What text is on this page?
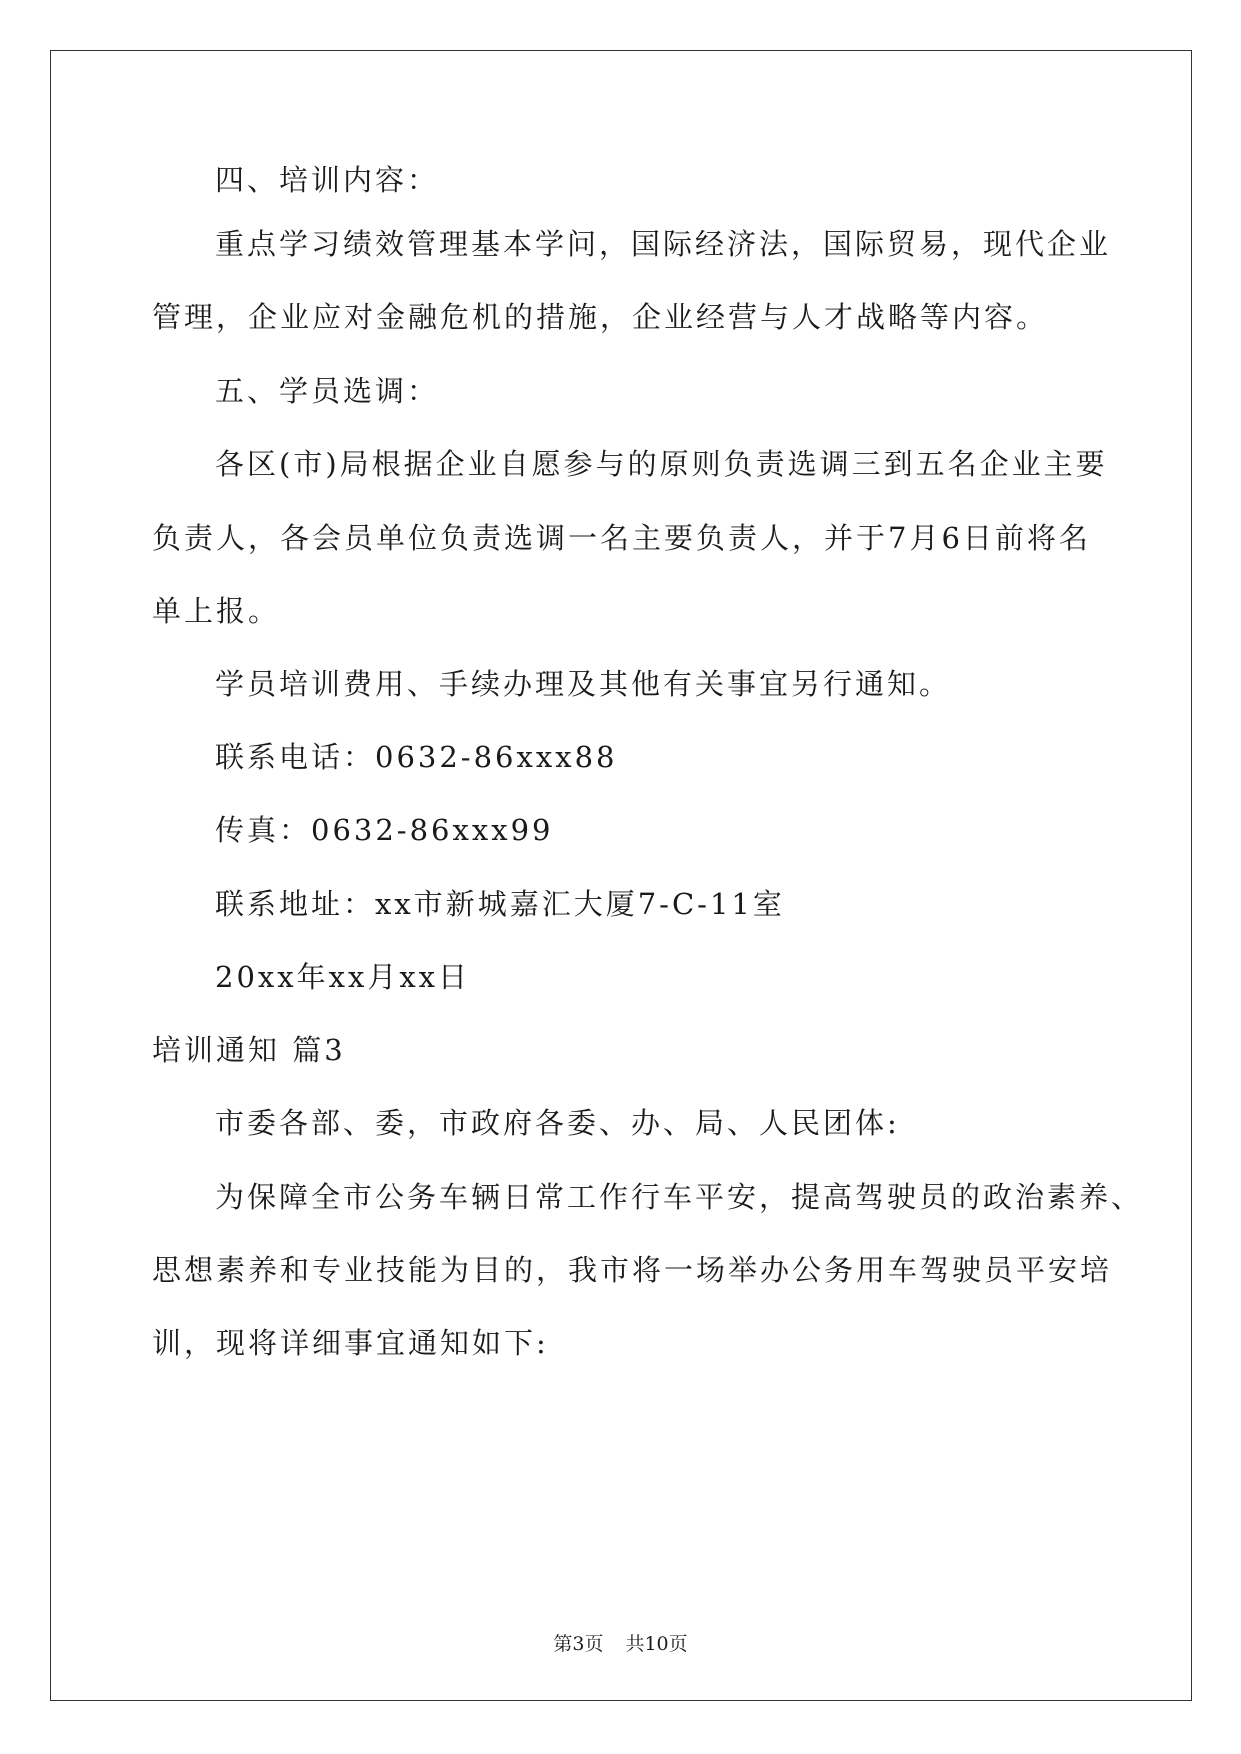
四、培训内容：
重点学习绩效管理基本学问，国际经济法，国际贸易，现代企业
管理，企业应对金融危机的措施，企业经营与人才战略等内容。
五、学员选调：
各区(市)局根据企业自愿参与的原则负责选调三到五名企业主要
负责人，各会员单位负责选调一名主要负责人，并于7月6日前将名
单上报。
学员培训费用、手续办理及其他有关事宜另行通知。
联系电话：0632-86xxx88
传真：0632-86xxx99
联系地址：xx市新城嘉汇大厦7-C-11室
20xx年xx月xx日
培训通知 篇3
市委各部、委，市政府各委、办、局、人民团体:
为保障全市公务车辆日常工作行车平安，提高驾驶员的政治素养、
思想素养和专业技能为目的，我市将一场举办公务用车驾驶员平安培
训，现将详细事宜通知如下:
第3页 共10页
